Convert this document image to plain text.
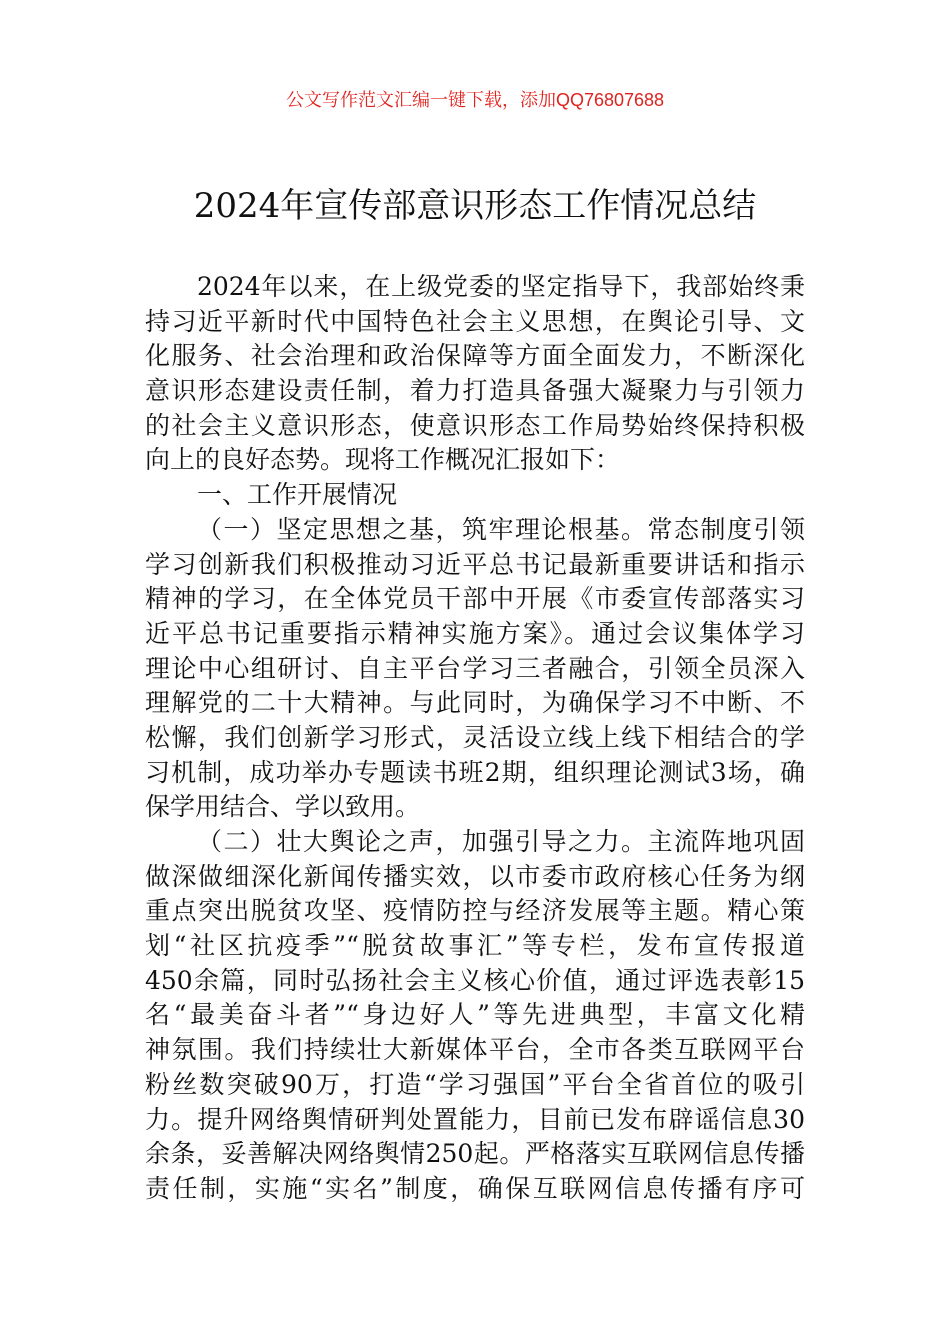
公文写作范文汇编一键下载，添加QQ76807688
2024年宣传部意识形态工作情况总结
2024年以来，在上级党委的坚定指导下，我部始终秉
持习近平新时代中国特色社会主义思想，在舆论引导、文
化服务、社会治理和政治保障等方面全面发力，不断深化
意识形态建设责任制，着力打造具备强大凝聚力与引领力
的社会主义意识形态，使意识形态工作局势始终保持积极
向上的良好态势。现将工作概况汇报如下：
一、工作开展情况
（一）坚定思想之基，筑牢理论根基。常态制度引领
学习创新我们积极推动习近平总书记最新重要讲话和指示
精神的学习，在全体党员干部中开展《市委宣传部落实习
近平总书记重要指示精神实施方案》。通过会议集体学习
理论中心组研讨、自主平台学习三者融合，引领全员深入
理解党的二十大精神。与此同时，为确保学习不中断、不
松懈，我们创新学习形式，灵活设立线上线下相结合的学
习机制，成功举办专题读书班2期，组织理论测试3场，确
保学用结合、学以致用。
（二）壮大舆论之声，加强引导之力。主流阵地巩固
做深做细深化新闻传播实效，以市委市政府核心任务为纲
重点突出脱贫攻坚、疫情防控与经济发展等主题。精心策
划“社区抗疫季”“脱贫故事汇”等专栏，发布宣传报道
450余篇，同时弘扬社会主义核心价值，通过评选表彰15
名“最美奋斗者”“身边好人”等先进典型，丰富文化精
神氛围。我们持续壮大新媒体平台，全市各类互联网平台
粉丝数突破90万，打造“学习强国”平台全省首位的吸引
力。提升网络舆情研判处置能力，目前已发布辟谣信息30
余条，妥善解决网络舆情250起。严格落实互联网信息传播
责任制，实施“实名”制度，确保互联网信息传播有序可
